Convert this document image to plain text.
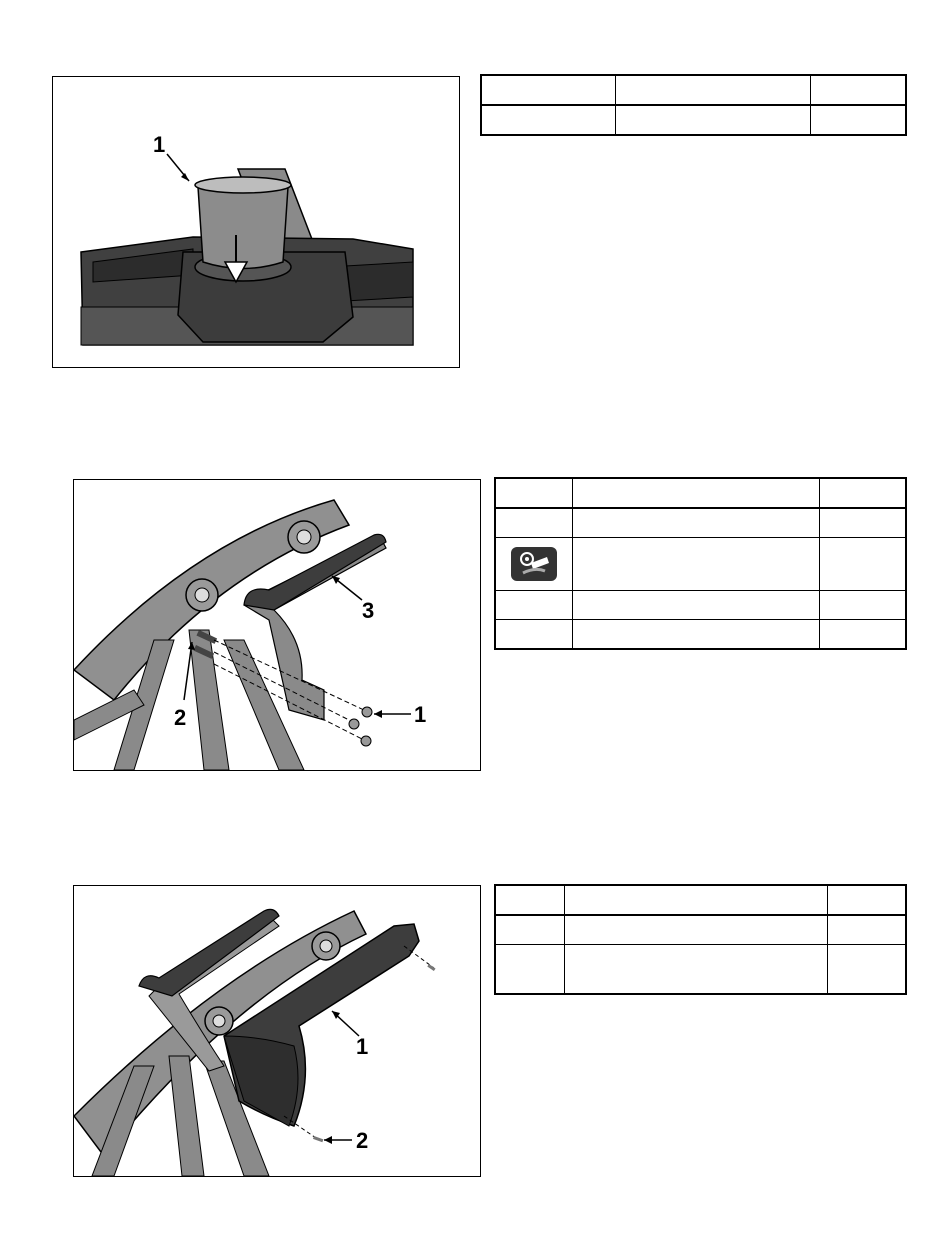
1

1
2
3

1
2
